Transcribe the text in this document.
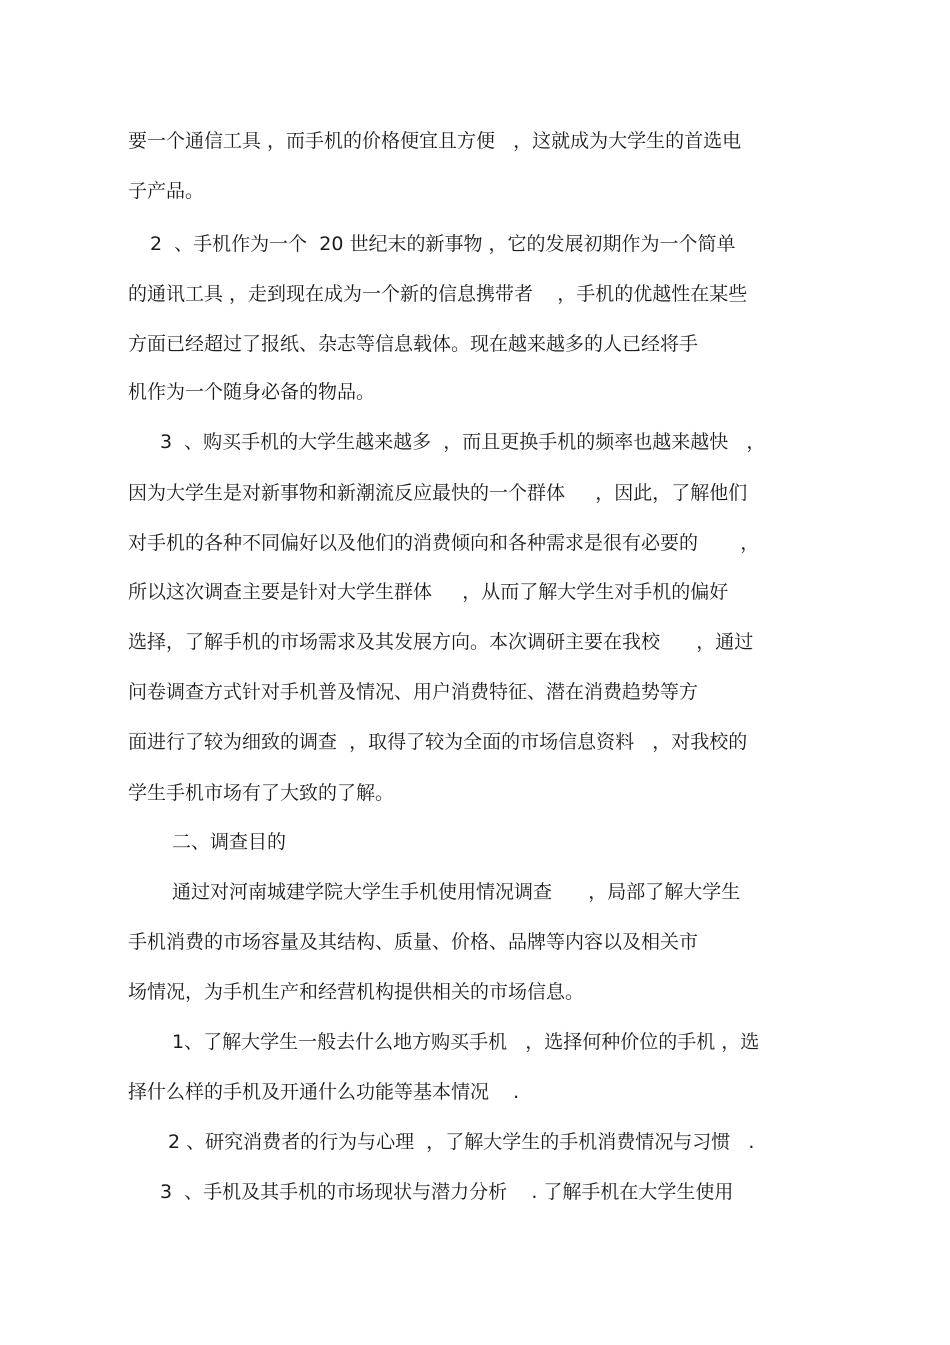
要一个通信工具 ，而手机的价格便宜且方便   ，这就成为大学生的首选电
子产品。
2  、手机作为一个  20 世纪末的新事物 ，它的发展初期作为一个简单
的通讯工具 ，走到现在成为一个新的信息携带者    ，手机的优越性在某些
方面已经超过了报纸、杂志等信息载体。现在越来越多的人已经将手
机作为一个随身必备的物品。
3  、购买手机的大学生越来越多  ，而且更换手机的频率也越来越快   ，
因为大学生是对新事物和新潮流反应最快的一个群体     ，因此，了解他们
对手机的各种不同偏好以及他们的消费倾向和各种需求是很有必要的       ，
所以这次调查主要是针对大学生群体     ，从而了解大学生对手机的偏好
选择，了解手机的市场需求及其发展方向。本次调研主要在我校      ，通过
问卷调查方式针对手机普及情况、用户消费特征、潜在消费趋势等方
面进行了较为细致的调查  ，取得了较为全面的市场信息资料   ，对我校的
学生手机市场有了大致的了解。
二、调查目的
通过对河南城建学院大学生手机使用情况调查      ，局部了解大学生
手机消费的市场容量及其结构、质量、价格、品牌等内容以及相关市
场情况，为手机生产和经营机构提供相关的市场信息。
1、了解大学生一般去什么地方购买手机   ，选择何种价位的手机 ，选
择什么样的手机及开通什么功能等基本情况    .
2 、研究消费者的行为与心理  ，了解大学生的手机消费情况与习惯   .
3  、手机及其手机的市场现状与潜力分析    . 了解手机在大学生使用
